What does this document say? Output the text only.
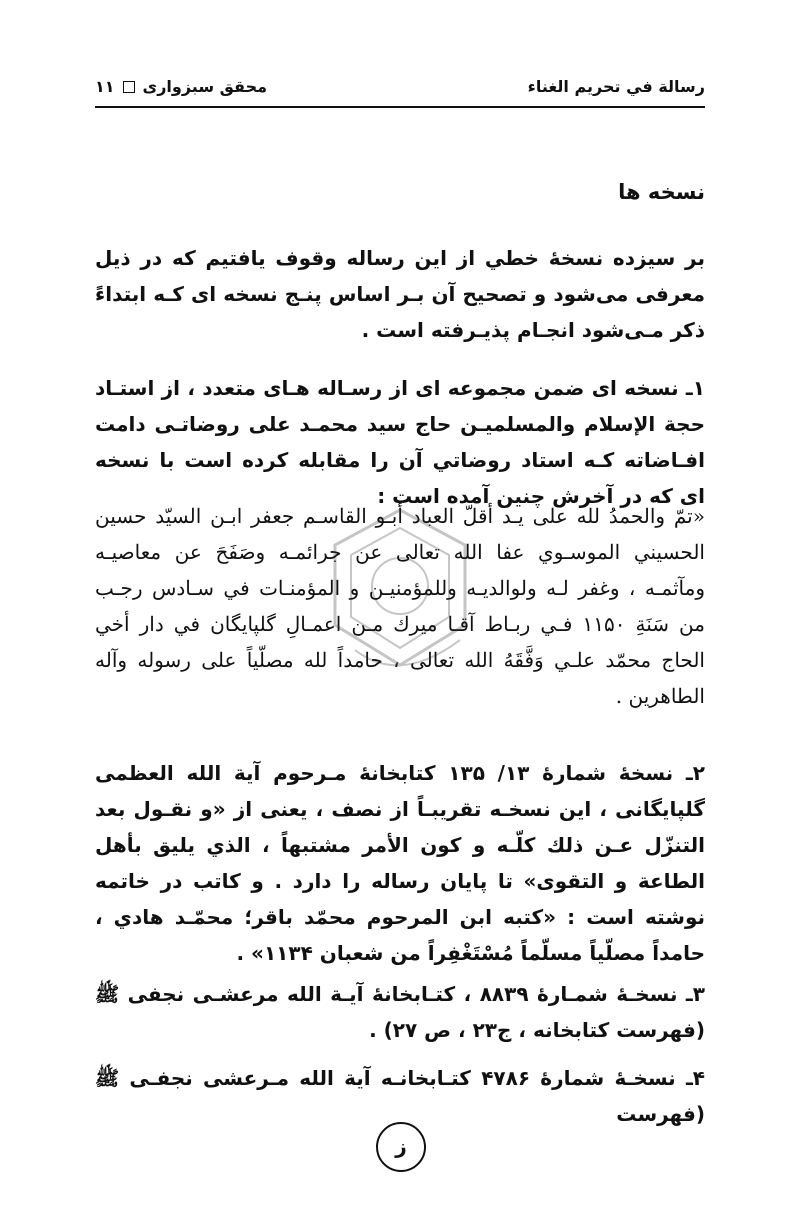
رسالة في تحريم الغناء
محقق سبزواری
۱۱
نسخه ها

بر سیزده نسخهٔ خطي از این رساله وقوف یافتیم که در ذیل معرفی می‌شود و تصحیح آن بـر اساس پنـج نسخه ای کـه ابتداءً ذکر مـی‌شود انجـام پذیـرفته است .

۱ـ نسخه ای ضمن مجموعه ای از رسـاله هـای متعدد ، از استـاد حجة الإسلام والمسلمیـن حاج سید محمـد علی روضاتـی دامت افـاضاته کـه استاد روضاتي آن را مقابله کرده است با نسخه ای که در آخرش چنین آمده است :

«تمّ والحمدُ لله على يـد أقلّ العباد أبـو القاسـم جعفر ابـن السيّد حسين الحسيني الموسـوي عفا الله تعالى عن جرائمـه وصَفَحَ عن معاصيـه ومآثمـه ، وغفر لـه ولوالديـه وللمؤمنيـن و المؤمنـات في سـادس رجـب من سَنَةِ ۱۱۵۰ فـي ربـاط آقـا میرك مـن اعمـالِ گلپایگان في دار أخي الحاج محمّد علـي وَفَّقَهُ الله تعالى ، حامداً لله مصلّياً على رسوله وآله الطاهرين .

۲ـ نسخهٔ شمارهٔ ۱۳/ ۱۳۵ کتابخانهٔ مـرحوم آية الله العظمی گلپایگانی ، این نسخـه تقریبـاً از نصف ، یعنی از «و نقـول بعد التنزّل عـن ذلك كلّـه و كون الأمر مشتبهاً ، الذي يليق بأهل الطاعة و التقوى» تا پایان رساله را دارد . و کاتب در خاتمه نوشته است : «کتبه ابن المرحوم محمّد باقر؛ محمّـد هادي ، حامداً مصلّياً مسلّماً مُسْتَغْفِراً من شعبان ۱۱۳۴» .

۳ـ نسخـهٔ شمـارهٔ ۸۸۳۹ ، کتـابخانهٔ آیـة الله مرعشـی نجفی ﷺ (فهرست کتابخانه ، ج۲۳ ، ص ۲۷) .

۴ـ نسخـهٔ شمارهٔ ۴۷۸۶ کتـابخانـه آیة الله مـرعشی نجفـی ﷺ (فهرست

ز
